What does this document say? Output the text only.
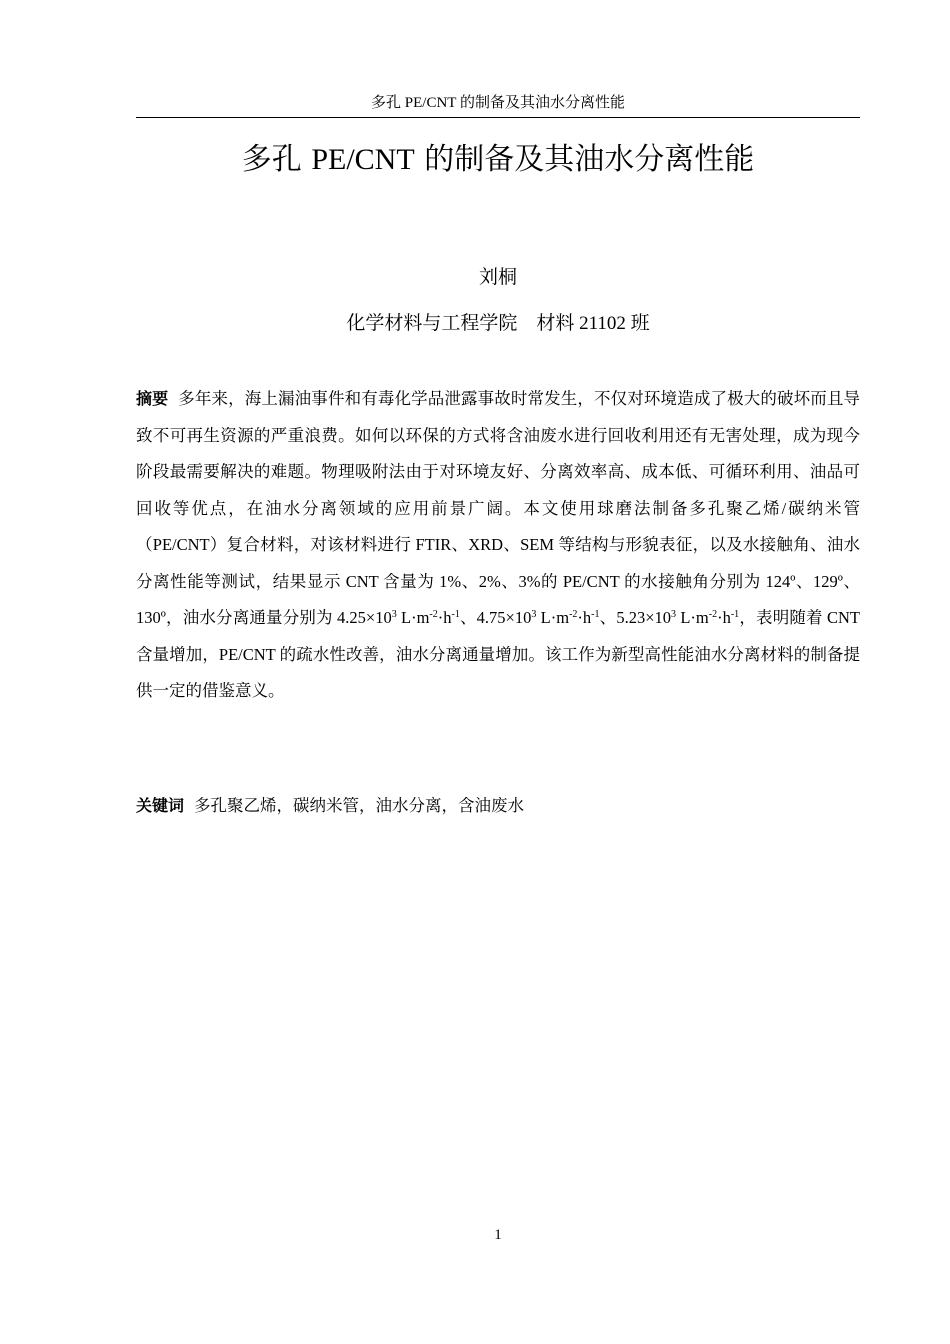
多孔 PE/CNT 的制备及其油水分离性能
多孔 PE/CNT 的制备及其油水分离性能
刘桐
化学材料与工程学院    材料 21102 班

摘要 多年来，海上漏油事件和有毒化学品泄露事故时常发生，不仅对环境造成了极大的破坏而且导致不可再生资源的严重浪费。如何以环保的方式将含油废水进行回收利用还有无害处理，成为现今阶段最需要解决的难题。物理吸附法由于对环境友好、分离效率高、成本低、可循环利用、油品可回收等优点，在油水分离领域的应用前景广阔。本文使用球磨法制备多孔聚乙烯/碳纳米管（PE/CNT）复合材料，对该材料进行 FTIR、XRD、SEM 等结构与形貌表征，以及水接触角、油水分离性能等测试，结果显示 CNT 含量为 1%、2%、3%的 PE/CNT 的水接触角分别为 124º、129º、130º，油水分离通量分别为 $4.25\times 10^3$ $L\cdot m^{-2}\cdot h^{-1}$、$4.75\times 10^3$ $L\cdot m^{-2}\cdot h^{-1}$、$5.23\times 10^3$ $L\cdot m^{-2}\cdot h^{-1}$，表明随着 CNT 含量增加，PE/CNT 的疏水性改善，油水分离通量增加。该工作为新型高性能油水分离材料的制备提供一定的借鉴意义。

关键词 多孔聚乙烯，碳纳米管，油水分离，含油废水

1
